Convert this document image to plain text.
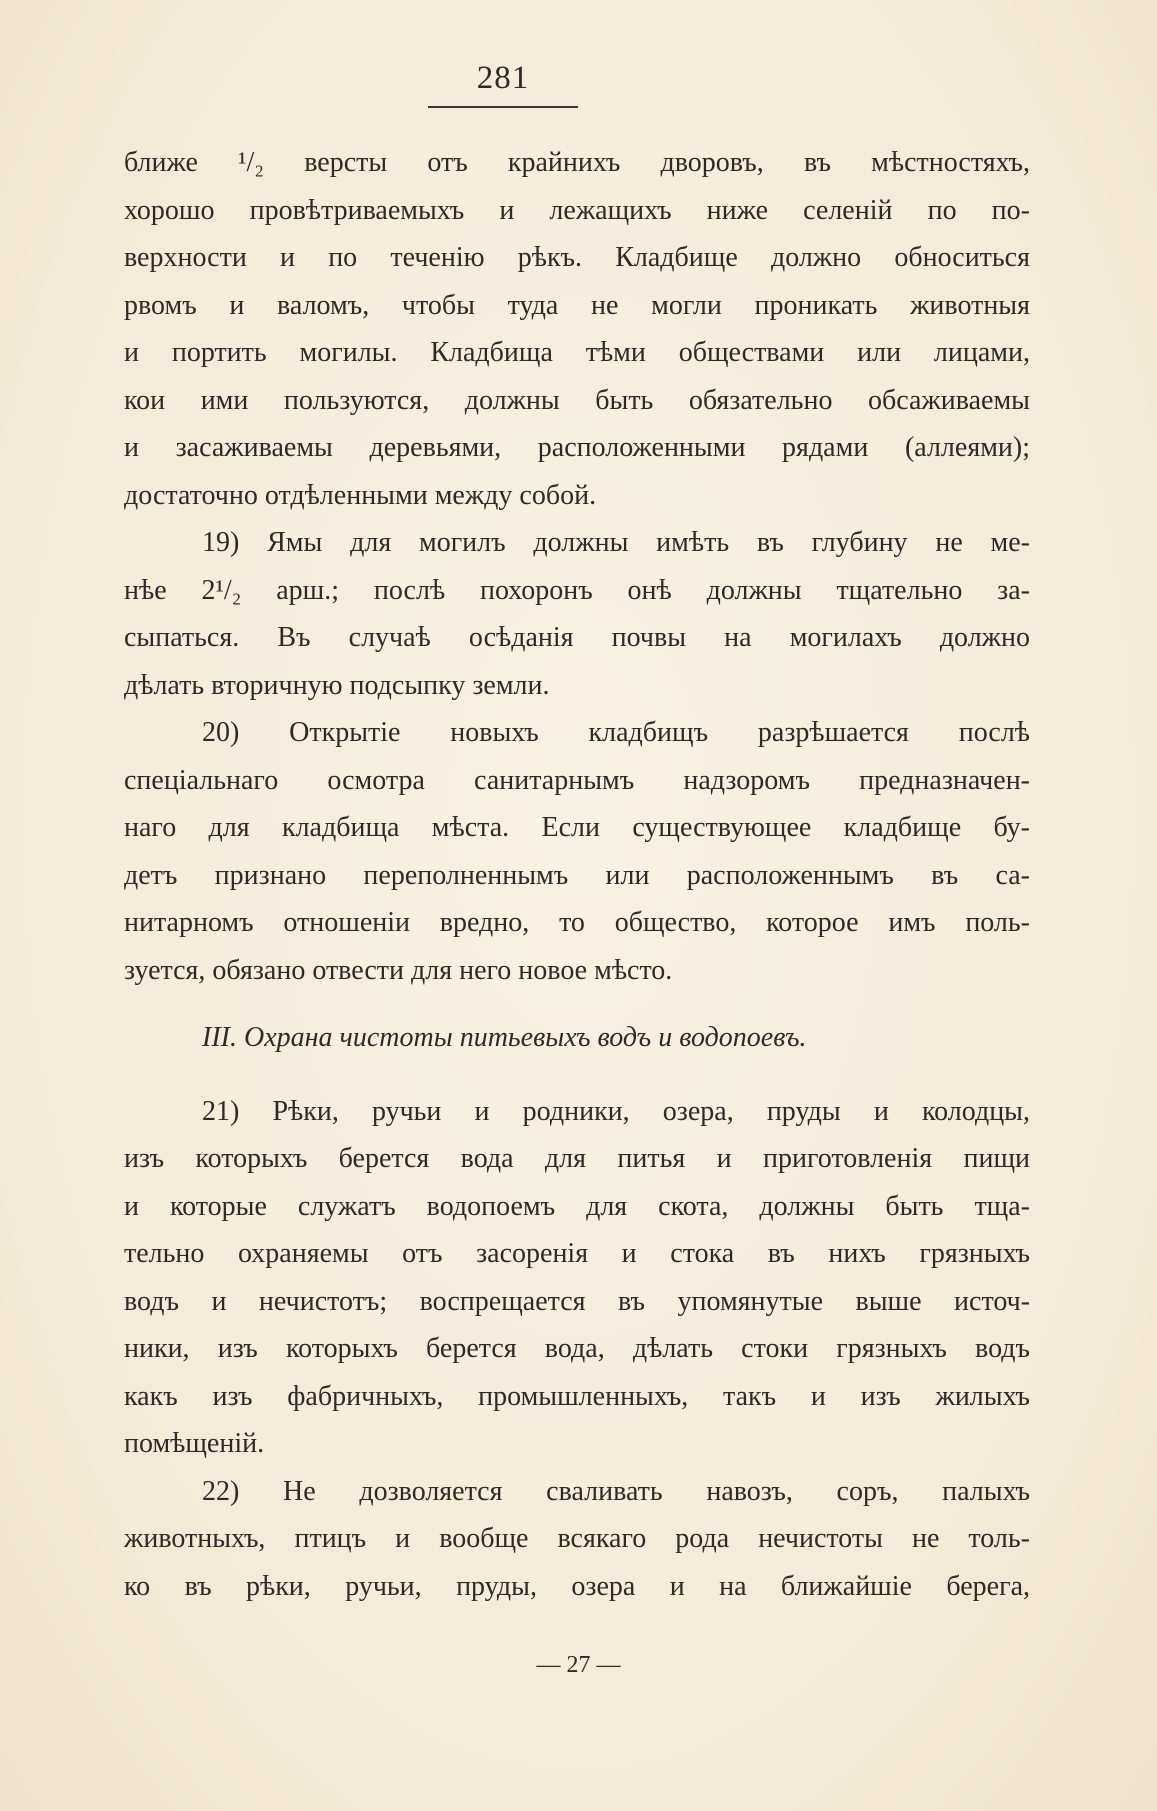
281
ближе ¹/₂ версты отъ крайнихъ дворовъ, въ мѣстностяхъ,
хорошо провѣтриваемыхъ и лежащихъ ниже селеній по по-
верхности и по теченію рѣкъ. Кладбище должно обноситься
рвомъ и валомъ, чтобы туда не могли проникать животныя
и портить могилы. Кладбища тѣми обществами или лицами,
кои ими пользуются, должны быть обязательно обсаживаемы
и засаживаемы деревьями, расположенными рядами (аллеями);
достаточно отдѣленными между собой.
19) Ямы для могилъ должны имѣть въ глубину не ме-
нѣе 2¹/₂ арш.; послѣ похоронъ онѣ должны тщательно за-
сыпаться. Въ случаѣ осѣданія почвы на могилахъ должно
дѣлать вторичную подсыпку земли.
20) Открытіе новыхъ кладбищъ разрѣшается послѣ
спеціальнаго осмотра санитарнымъ надзоромъ предназначен-
наго для кладбища мѣста. Если существующее кладбище бу-
детъ признано переполненнымъ или расположеннымъ въ са-
нитарномъ отношеніи вредно, то общество, которое имъ поль-
зуется, обязано отвести для него новое мѣсто.
III. Охрана чистоты питьевыхъ водъ и водопоевъ.
21) Рѣки, ручьи и родники, озера, пруды и колодцы,
изъ которыхъ берется вода для питья и приготовленія пищи
и которые служатъ водопоемъ для скота, должны быть тща-
тельно охраняемы отъ засоренія и стока въ нихъ грязныхъ
водъ и нечистотъ; воспрещается въ упомянутые выше источ-
ники, изъ которыхъ берется вода, дѣлать стоки грязныхъ водъ
какъ изъ фабричныхъ, промышленныхъ, такъ и изъ жилыхъ
помѣщеній.
22) Не дозволяется сваливать навозъ, соръ, палыхъ
животныхъ, птицъ и вообще всякаго рода нечистоты не толь-
ко въ рѣки, ручьи, пруды, озера и на ближайшіе берега,
— 27 —
